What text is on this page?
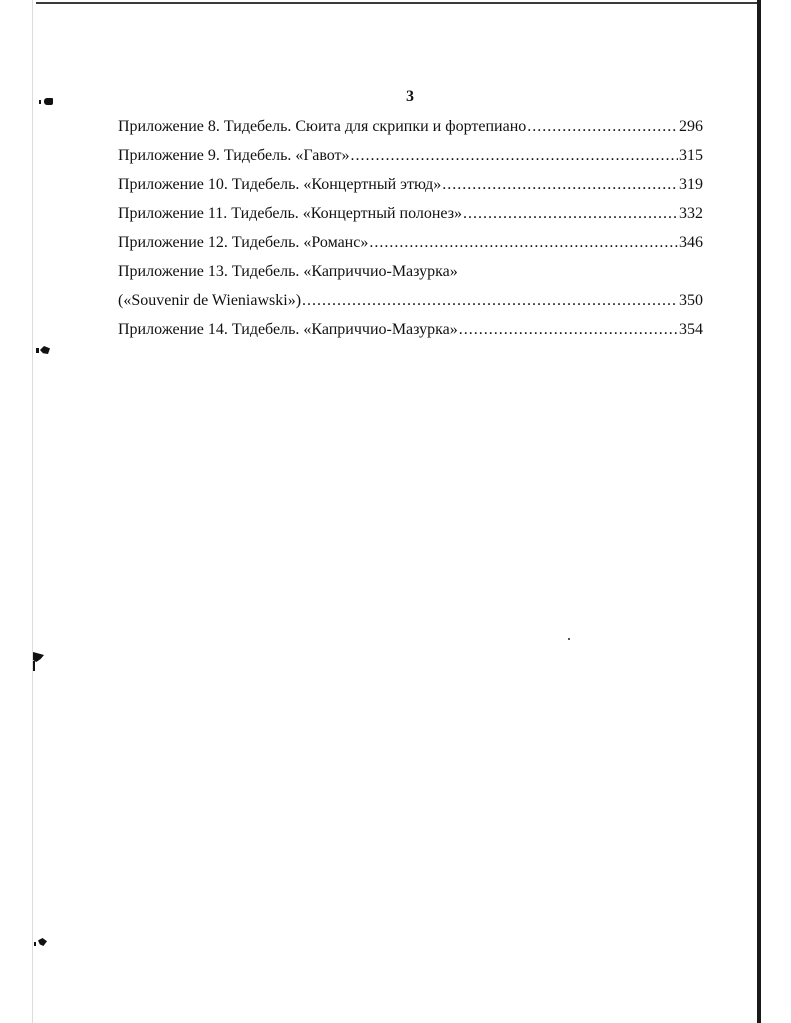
3
Приложение 8. Тидебель. Сюита для скрипки и фортепиано .....	296
Приложение 9. Тидебель. «Гавот» .....	315
Приложение 10. Тидебель. «Концертный этюд» .....	319
Приложение 11. Тидебель. «Концертный полонез» .....	332
Приложение 12. Тидебель. «Романс» .....	346
Приложение 13. Тидебель. «Каприччио-Мазурка»
(«Souvenir de Wieniawski») .....	350
Приложение 14. Тидебель. «Каприччио-Мазурка» .....	354
